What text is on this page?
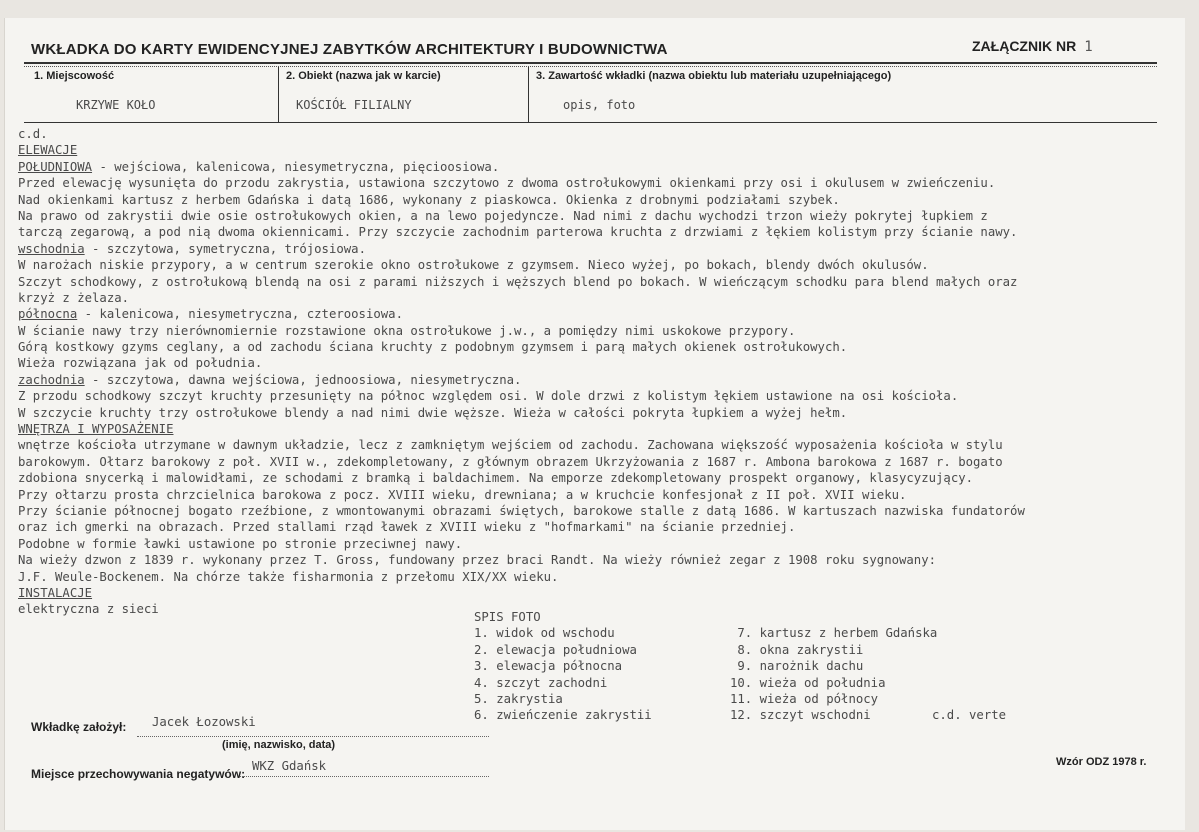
WKŁADKA DO KARTY EWIDENCYJNEJ ZABYTKÓW ARCHITEKTURY I BUDOWNICTWA	ZAŁĄCZNIK NR 1
1. Miejscowość
KRZYWE KOŁO
2. Obiekt (nazwa jak w karcie)
KOŚCIÓŁ FILIALNY
3. Zawartość wkładki (nazwa obiektu lub materiału uzupełniającego)
opis, foto
c.d.
ELEWACJE
POŁUDNIOWA - wejściowa, kalenicowa, niesymetryczna, pięcioosiowa.
Przed elewację wysunięta do przodu zakrystia, ustawiona szczytowo z dwoma ostrołukowymi okienkami przy osi i okulusem w zwieńczeniu.
Nad okienkami kartusz z herbem Gdańska i datą 1686, wykonany z piaskowca. Okienka z drobnymi podziałami szybek.
Na prawo od zakrystii dwie osie ostrołukowych okien, a na lewo pojedyncze. Nad nimi z dachu wychodzi trzon wieży pokrytej łupkiem z
tarczą zegarową, a pod nią dwoma okiennicami. Przy szczycie zachodnim parterowa kruchta z drzwiami z łękiem kolistym przy ścianie nawy.
wschodnia - szczytowa, symetryczna, trójosiowa.
W narożach niskie przypory, a w centrum szerokie okno ostrołukowe z gzymsem. Nieco wyżej, po bokach, blendy dwóch okulusów.
Szczyt schodkowy, z ostrołukową blendą na osi z parami niższych i węższych blend po bokach. W wieńczącym schodku para blend małych oraz
krzyż z żelaza.
północna - kalenicowa, niesymetryczna, czteroosiowa.
W ścianie nawy trzy nierównomiernie rozstawione okna ostrołukowe j.w., a pomiędzy nimi uskokowe przypory.
Górą kostkowy gzyms ceglany, a od zachodu ściana kruchty z podobnym gzymsem i parą małych okienek ostrołukowych.
Wieża rozwiązana jak od południa.
zachodnia - szczytowa, dawna wejściowa, jednoosiowa, niesymetryczna.
Z przodu schodkowy szczyt kruchty przesunięty na północ względem osi. W dole drzwi z kolistym łękiem ustawione na osi kościoła.
W szczycie kruchty trzy ostrołukowe blendy a nad nimi dwie węższe. Wieża w całości pokryta łupkiem a wyżej hełm.
WNĘTRZA I WYPOSAŻENIE
wnętrze kościoła utrzymane w dawnym układzie, lecz z zamkniętym wejściem od zachodu. Zachowana większość wyposażenia kościoła w stylu
barokowym. Ołtarz barokowy z poł. XVII w., zdekompletowany, z głównym obrazem Ukrzyżowania z 1687 r. Ambona barokowa z 1687 r. bogato
zdobiona snycerką i malowidłami, ze schodami z bramką i baldachimem. Na emporze zdekompletowany prospekt organowy, klasycyzujący.
Przy ołtarzu prosta chrzcielnica barokowa z pocz. XVIII wieku, drewniana; a w kruchcie konfesjonał z II poł. XVII wieku.
Przy ścianie północnej bogato rzeźbione, z wmontowanymi obrazami świętych, barokowe stalle z datą 1686. W kartuszach nazwiska fundatorów
oraz ich gmerki na obrazach. Przed stallami rząd ławek z XVIII wieku z "hofmarkami" na ścianie przedniej.
Podobne w formie ławki ustawione po stronie przeciwnej nawy.
Na wieży dzwon z 1839 r. wykonany przez T. Gross, fundowany przez braci Randt. Na wieży również zegar z 1908 roku sygnowany:
J.F. Weule-Bockenem. Na chórze także fisharmonia z przełomu XIX/XX wieku.
INSTALACJE
elektryczna z sieci
SPIS FOTO
1. widok od wschodu
2. elewacja południowa
3. elewacja północna
4. szczyt zachodni
5. zakrystia
6. zwieńczenie zakrystii
7. kartusz z herbem Gdańska
8. okna zakrystii
9. narożnik dachu
10. wieża od południa
11. wieża od północy
12. szczyt wschodni	c.d. verte
Wkładkę założył: Jacek Łozowski
(imię, nazwisko, data)
Miejsce przechowywania negatywów:
WKZ Gdańsk	Wzór ODZ 1978 r.
